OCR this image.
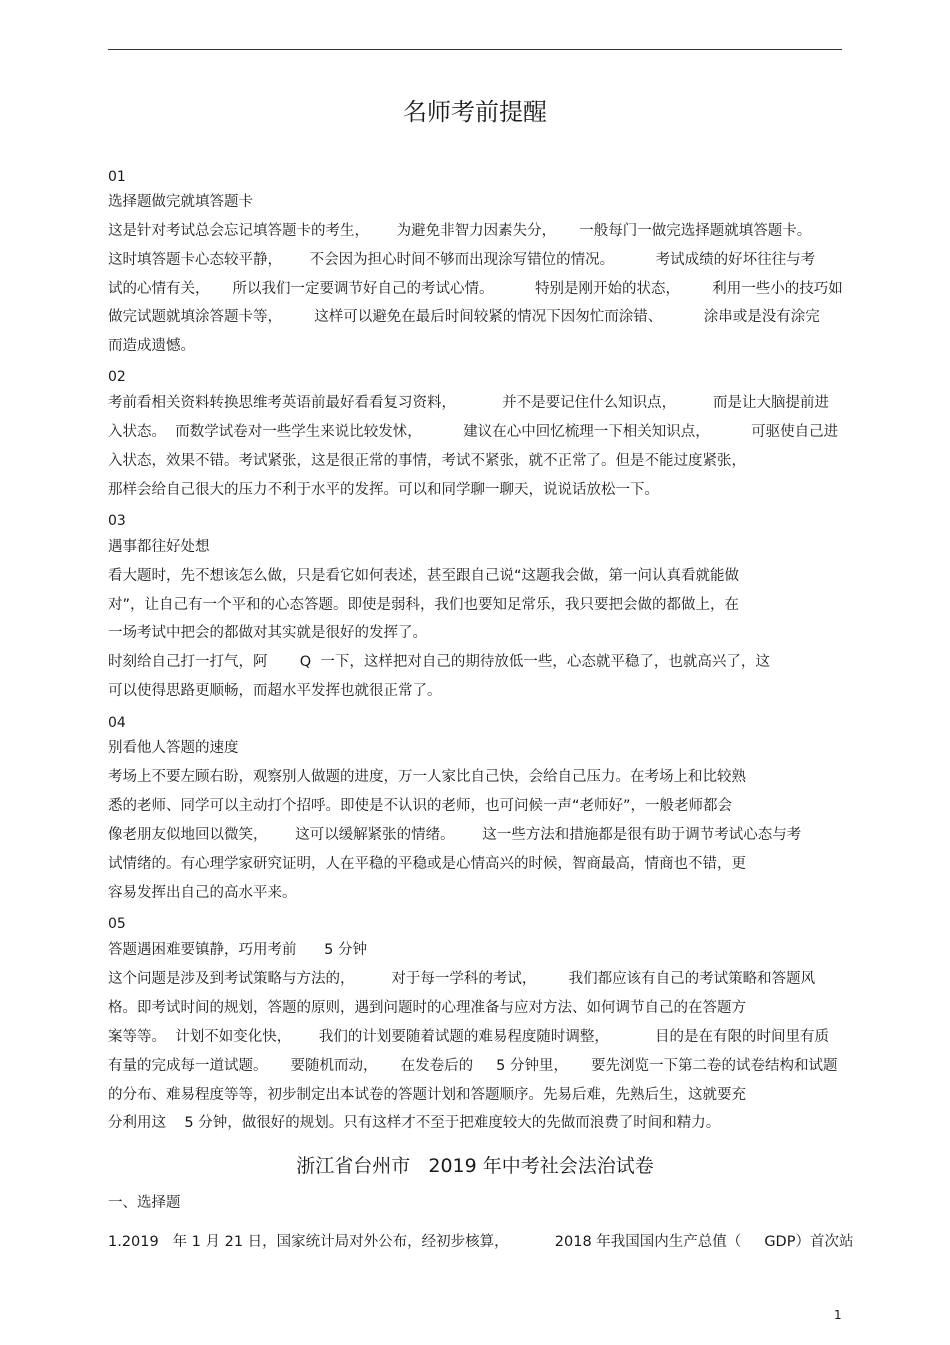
名师考前提醒
01
选择题做完就填答题卡
这是针对考试总会忘记填答题卡的考生，      为避免非智力因素失分，     一般每门一做完选择题就填答题卡。
这时填答题卡心态较平静，      不会因为担心时间不够而出现涂写错位的情况。         考试成绩的好坏往往与考
试的心情有关，     所以我们一定要调节好自己的考试心情。         特别是刚开始的状态，       利用一些小的技巧如
做完试题就填涂答题卡等，       这样可以避免在最后时间较紧的情况下因匆忙而涂错、         涂串或是没有涂完
而造成遗憾。
02
考前看相关资料转换思维考英语前最好看看复习资料，          并不是要记住什么知识点，        而是让大脑提前进
入状态。  而数学试卷对一些学生来说比较发怵，         建议在心中回忆梳理一下相关知识点，         可驱使自己进
入状态，效果不错。考试紧张，这是很正常的事情，考试不紧张，就不正常了。但是不能过度紧张，
那样会给自己很大的压力不利于水平的发挥。可以和同学聊一聊天，说说话放松一下。
03
遇事都往好处想
看大题时，先不想该怎么做，只是看它如何表述，甚至跟自己说“这题我会做，第一问认真看就能做
对”，让自己有一个平和的心态答题。即使是弱科，我们也要知足常乐，我只要把会做的都做上，在
一场考试中把会的都做对其实就是很好的发挥了。
时刻给自己打一打气，阿       Q  一下，这样把对自己的期待放低一些，心态就平稳了，也就高兴了，这
可以使得思路更顺畅，而超水平发挥也就很正常了。
04
别看他人答题的速度
考场上不要左顾右盼，观察别人做题的进度，万一人家比自己快，会给自己压力。在考场上和比较熟
悉的老师、同学可以主动打个招呼。即使是不认识的老师，也可问候一声“老师好”，一般老师都会
像老朋友似地回以微笑，      这可以缓解紧张的情绪。      这一些方法和措施都是很有助于调节考试心态与考
试情绪的。有心理学家研究证明，人在平稳的平稳或是心情高兴的时候，智商最高，情商也不错，更
容易发挥出自己的高水平来。
05
答题遇困难要镇静，巧用考前      5 分钟
这个问题是涉及到考试策略与方法的，        对于每一学科的考试，       我们都应该有自己的考试策略和答题风
格。即考试时间的规划，答题的原则，遇到问题时的心理准备与应对方法、如何调节自己的在答题方
案等等。  计划不如变化快，      我们的计划要随着试题的难易程度随时调整，          目的是在有限的时间里有质
有量的完成每一道试题。     要随机而动，     在发卷后的     5 分钟里，     要先浏览一下第二卷的试卷结构和试题
的分布、难易程度等等，初步制定出本试卷的答题计划和答题顺序。先易后难，先熟后生，这就要充
分利用这    5 分钟，做很好的规划。只有这样才不至于把难度较大的先做而浪费了时间和精力。
浙江省台州市   2019 年中考社会法治试卷
一、选择题
1.2019   年 1 月 21 日，国家统计局对外公布，经初步核算，          2018 年我国国内生产总值（     GDP）首次站
1
